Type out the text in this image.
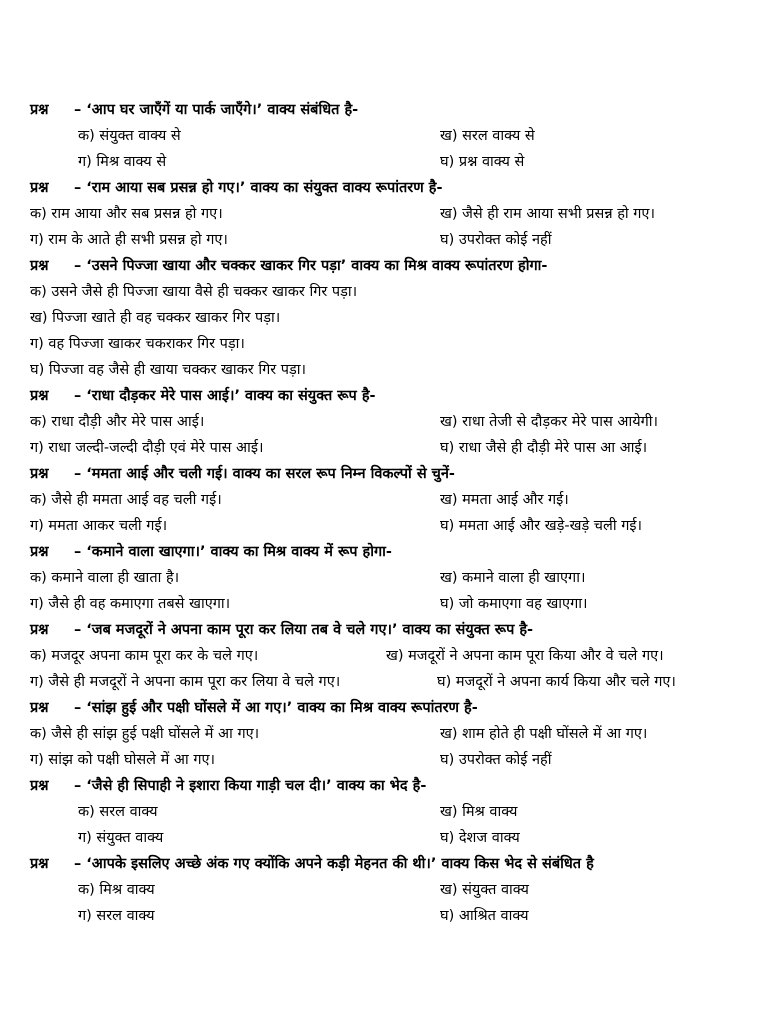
प्रश्न	– ‘आप घर जाएँगें या पार्क जाएँगे।’ वाक्य संबंधित है-
क) संयुक्त वाक्य से	ख) सरल वाक्य से
ग) मिश्र वाक्य से	घ) प्रश्न वाक्य से
प्रश्न	– ‘राम आया सब प्रसन्न हो गए।’ वाक्य का संयुक्त वाक्य रूपांतरण है-
क) राम आया और सब प्रसन्न हो गए।	ख) जैसे ही राम आया सभी प्रसन्न हो गए।
ग) राम के आते ही सभी प्रसन्न हो गए।	घ) उपरोक्त कोई नहीं
प्रश्न	– ‘उसने पिज्जा खाया और चक्कर खाकर गिर पड़ा’ वाक्य का मिश्र वाक्य रूपांतरण होगा-
क) उसने जैसे ही पिज्जा खाया वैसे ही चक्कर खाकर गिर पड़ा।
ख) पिज्जा खाते ही वह चक्कर खाकर गिर पड़ा।
ग) वह पिज्जा खाकर चकराकर गिर पड़ा।
घ) पिज्जा वह जैसे ही खाया चक्कर खाकर गिर पड़ा।
प्रश्न	– ‘राधा दौड़कर मेरे पास आई।’ वाक्य का संयुक्त रूप है-
क) राधा दौड़ी और मेरे पास आई।	ख) राधा तेजी से दौड़कर मेरे पास आयेगी।
ग) राधा जल्दी-जल्दी दौड़ी एवं मेरे पास आई।	घ) राधा जैसे ही दौड़ी मेरे पास आ आई।
प्रश्न	– ‘ममता आई और चली गई। वाक्य का सरल रूप निम्न विकल्पों से चुनें-
क) जैसे ही ममता आई वह चली गई।	ख) ममता आई और गई।
ग) ममता आकर चली गई।	घ) ममता आई और खड़े-खड़े चली गई।
प्रश्न	– ‘कमाने वाला खाएगा।’ वाक्य का मिश्र वाक्य में रूप होगा-
क) कमाने वाला ही खाता है।	ख) कमाने वाला ही खाएगा।
ग) जैसे ही वह कमाएगा तबसे खाएगा।	घ) जो कमाएगा वह खाएगा।
प्रश्न	– ‘जब मजदूरों ने अपना काम पूरा कर लिया तब वे चले गए।’ वाक्य का संयुक्त रूप है-
क) मजदूर अपना काम पूरा कर के चले गए।	ख) मजदूरों ने अपना काम पूरा किया और वे चले गए।
ग) जैसे ही मजदूरों ने अपना काम पूरा कर लिया वे चले गए।	घ) मजदूरों ने अपना कार्य किया और चले गए।
प्रश्न	– ‘सांझ हुई और पक्षी घोंसले में आ गए।’ वाक्य का मिश्र वाक्य रूपांतरण है-
क) जैसे ही सांझ हुई पक्षी घोंसले में आ गए।	ख) शाम होते ही पक्षी घोंसले में आ गए।
ग) सांझ को पक्षी घोसले में आ गए।	घ) उपरोक्त कोई नहीं
प्रश्न	– ‘जैसे ही सिपाही ने इशारा किया गाड़ी चल दी।’ वाक्य का भेद है-
क) सरल वाक्य	ख) मिश्र वाक्य
ग) संयुक्त वाक्य	घ) देशज वाक्य
प्रश्न	– ‘आपके इसलिए अच्छे अंक गए क्योंकि अपने कड़ी मेहनत की थी।’ वाक्य किस भेद से संबंधित है
क) मिश्र वाक्य	ख) संयुक्त वाक्य
ग) सरल वाक्य	घ) आश्रित वाक्य
